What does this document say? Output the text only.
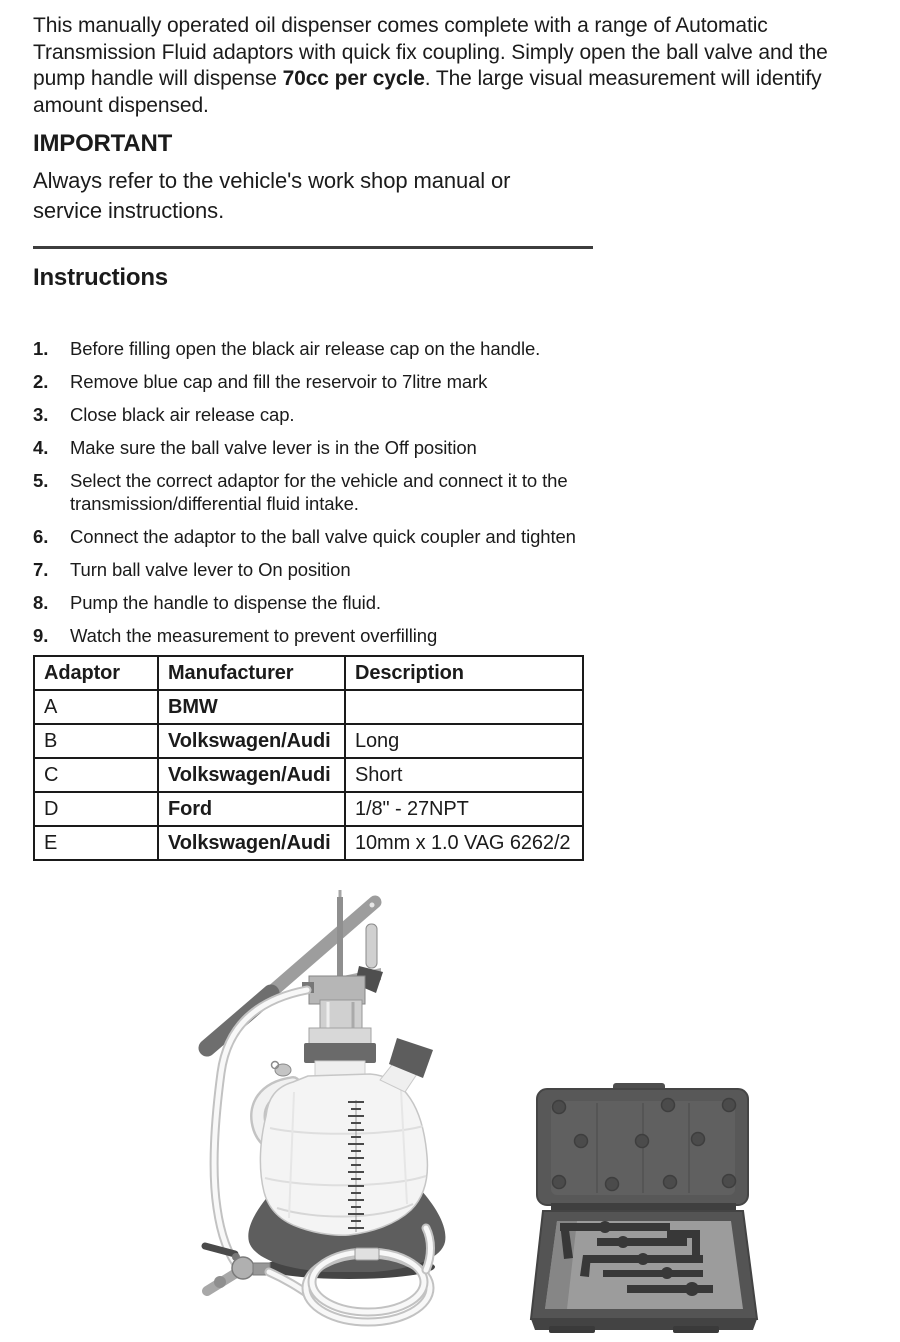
This manually operated oil dispenser comes complete with a range of Automatic
Transmission Fluid adaptors with quick fix coupling. Simply open the ball valve and the
pump handle will dispense 70cc per cycle. The large visual measurement will identify
amount dispensed.
IMPORTANT
Always refer to the vehicle's work shop manual or
service instructions.
Instructions
1.	Before filling open the black air release cap on the handle.
2.	Remove blue cap and fill the reservoir to 7litre mark
3.	Close black air release cap.
4.	Make sure the ball valve lever is in the Off position
5.	Select the correct adaptor for the vehicle and connect it to the
transmission/differential fluid intake.
6.	Connect the adaptor to the ball valve quick coupler and tighten
7.	Turn ball valve lever to On position
8.	Pump the handle to dispense the fluid.
9.	Watch the measurement to prevent overfilling
Adaptor	Manufacturer	Description
A	BMW	
B	Volkswagen/Audi	Long
C	Volkswagen/Audi	Short
D	Ford	1/8" - 27NPT
E	Volkswagen/Audi	10mm x 1.0 VAG 6262/2
